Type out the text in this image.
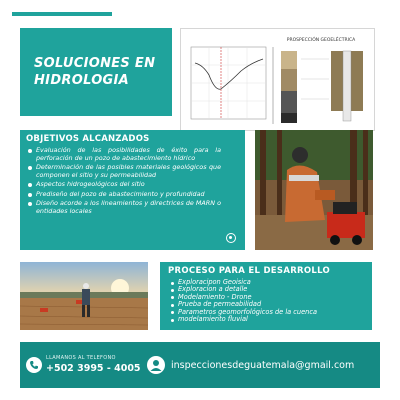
SOLUCIONES EN
HIDROLOGIA
PROSPECCIÓN GEOELÉCTRICA
OBJETIVOS ALCANZADOS
Evaluación de las posibilidades de éxito para la perforación de un pozo de abastecimiento hídrico
Determinación de las posibles materiales geológicos que componen el sitio y su permeabilidad
Aspectos hidrogeológicos del sitio
Prediseño del pozo de abastecimiento y profundidad
Diseño acorde a los lineamientos y directrices de MARN o entidades locales
PROCESO PARA EL DESARROLLO
Exploracipon Geoisica
Exploracion a detalle
Modelamiento - Drone
Prueba de permeabilidad
Parametros geomorfológicos de la cuenca
modelamiento fluvial
LLAMANOS AL TELEFONO
+502 3995 - 4005	inspeccionesdeguatemala@gmail.com
